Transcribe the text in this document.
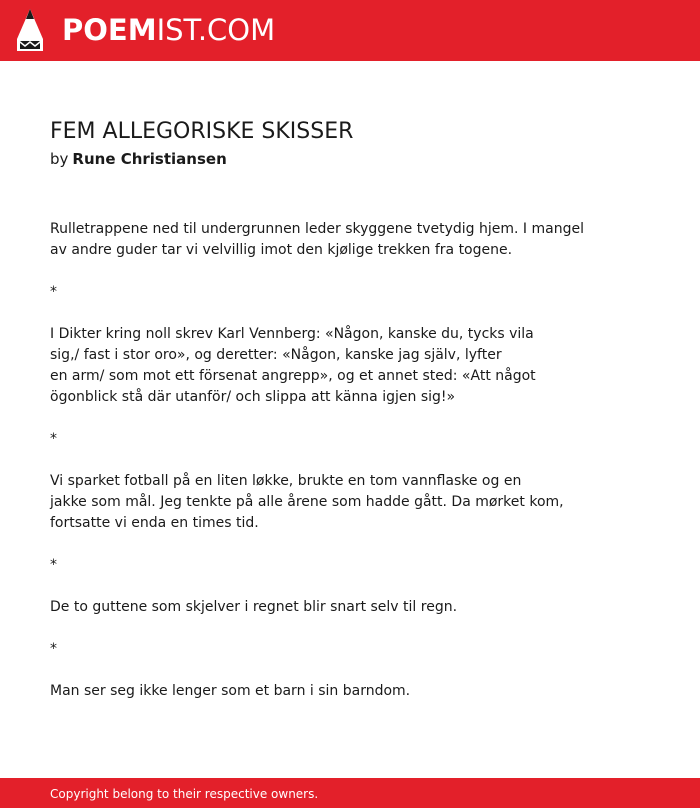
POEMIST.COM
FEM ALLEGORISKE SKISSER
by Rune Christiansen
Rulletrappene ned til undergrunnen leder skyggene tvetydig hjem. I mangel
av andre guder tar vi velvillig imot den kjølige trekken fra togene.
*
I Dikter kring noll skrev Karl Vennberg: «Någon, kanske du, tycks vila
sig,/ fast i stor oro», og deretter: «Någon, kanske jag själv, lyfter
en arm/ som mot ett försenat angrepp», og et annet sted: «Att något
ögonblick stå där utanför/ och slippa att känna igjen sig!»
*
Vi sparket fotball på en liten løkke, brukte en tom vannflaske og en
jakke som mål. Jeg tenkte på alle årene som hadde gått. Da mørket kom,
fortsatte vi enda en times tid.
*
De to guttene som skjelver i regnet blir snart selv til regn.
*
Man ser seg ikke lenger som et barn i sin barndom.
Copyright belong to their respective owners.
